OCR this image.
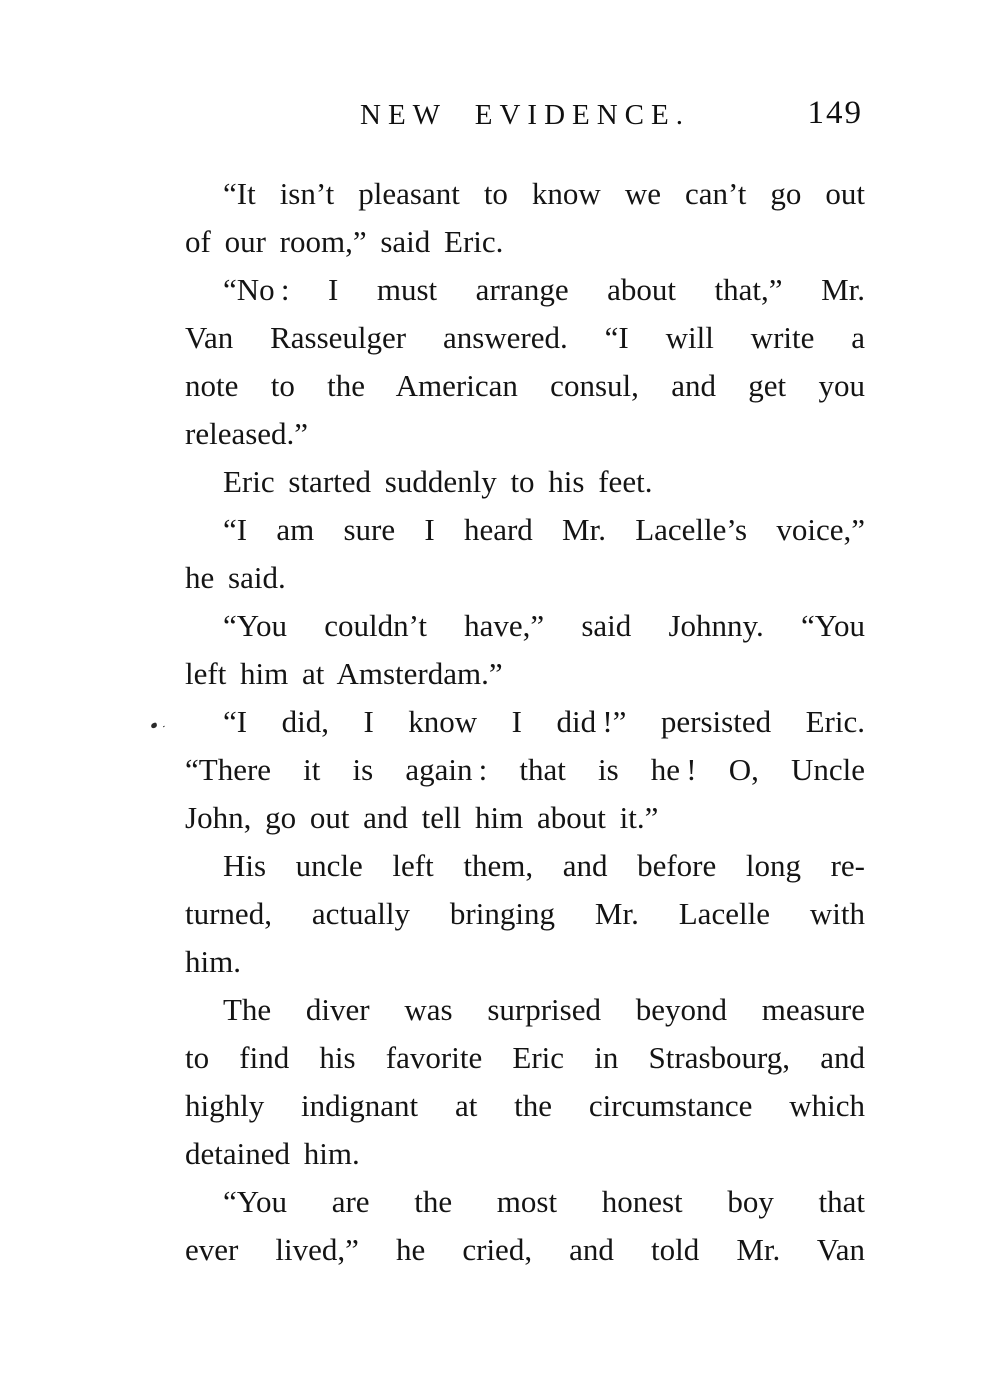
NEW EVIDENCE.	149
“It isn’t pleasant to know we can’t go out
of our room,” said Eric.
“No : I must arrange about that,” Mr.
Van Rasseulger answered. “I will write a
note to the American consul, and get you
released.”
Eric started suddenly to his feet.
“I am sure I heard Mr. Lacelle’s voice,”
he said.
“You couldn’t have,” said Johnny. “You
left him at Amsterdam.”
“I did, I know I did !” persisted Eric.
“There it is again : that is he ! O, Uncle
John, go out and tell him about it.”
His uncle left them, and before long re-
turned, actually bringing Mr. Lacelle with
him.
The diver was surprised beyond measure
to find his favorite Eric in Strasbourg, and
highly indignant at the circumstance which
detained him.
“You are the most honest boy that
ever lived,” he cried, and told Mr. Van
